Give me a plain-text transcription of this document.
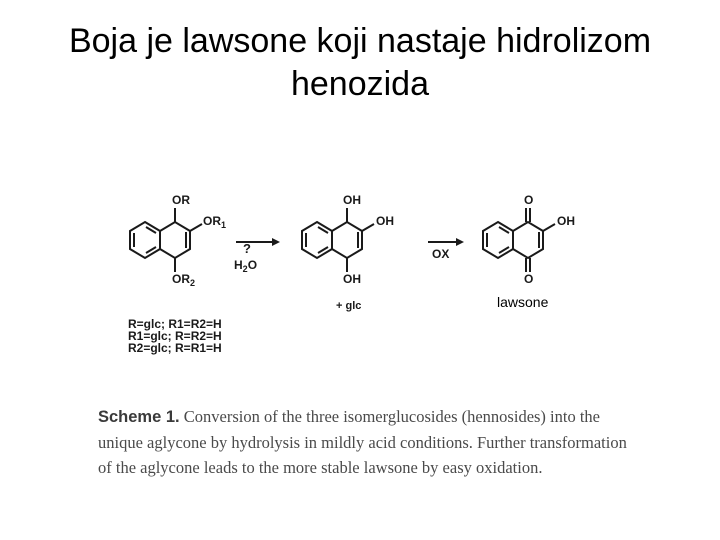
Boja je lawsone koji nastaje hidrolizom
henozida
OR
$OR_1$
$OR_2$
?
$H_2O$
OH
OH
OH
+ glc
OX
O
OH
O
lawsone
R=glc; R1=R2=H
R1=glc; R=R2=H
R2=glc; R=R1=H
Scheme 1. Conversion of the three isomerglucosides (hennosides) into the unique aglycone by hydrolysis in mildly acid conditions. Further transformation of the aglycone leads to the more stable lawsone by easy oxidation.
